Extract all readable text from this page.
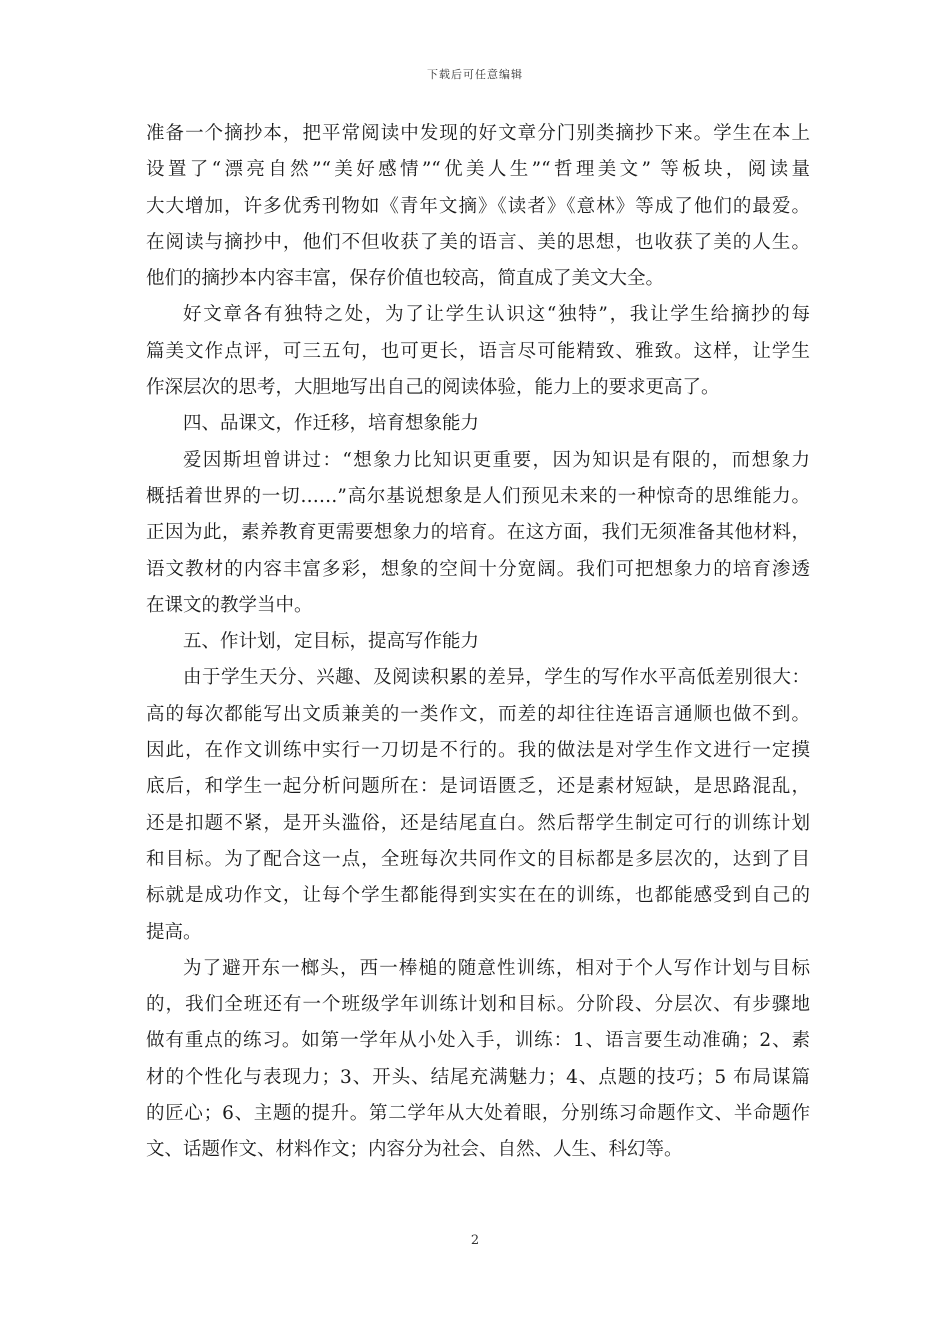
下载后可任意编辑
准备一个摘抄本，把平常阅读中发现的好文章分门别类摘抄下来。学生在本上
设置了“漂亮自然”“美好感情”“优美人生”“哲理美文” 等板块，阅读量
大大增加，许多优秀刊物如《青年文摘》《读者》《意林》等成了他们的最爱。
在阅读与摘抄中，他们不但收获了美的语言、美的思想，也收获了美的人生。
他们的摘抄本内容丰富，保存价值也较高，简直成了美文大全。
好文章各有独特之处，为了让学生认识这“独特”，我让学生给摘抄的每
篇美文作点评，可三五句，也可更长，语言尽可能精致、雅致。这样，让学生
作深层次的思考，大胆地写出自己的阅读体验，能力上的要求更高了。
四、品课文，作迁移，培育想象能力
爱因斯坦曾讲过：“想象力比知识更重要，因为知识是有限的，而想象力
概括着世界的一切……”高尔基说想象是人们预见未来的一种惊奇的思维能力。
正因为此，素养教育更需要想象力的培育。在这方面，我们无须准备其他材料，
语文教材的内容丰富多彩，想象的空间十分宽阔。我们可把想象力的培育渗透
在课文的教学当中。
五、作计划，定目标，提高写作能力
由于学生天分、兴趣、及阅读积累的差异，学生的写作水平高低差别很大：
高的每次都能写出文质兼美的一类作文，而差的却往往连语言通顺也做不到。
因此，在作文训练中实行一刀切是不行的。我的做法是对学生作文进行一定摸
底后，和学生一起分析问题所在：是词语匮乏，还是素材短缺，是思路混乱，
还是扣题不紧，是开头滥俗，还是结尾直白。然后帮学生制定可行的训练计划
和目标。为了配合这一点，全班每次共同作文的目标都是多层次的，达到了目
标就是成功作文，让每个学生都能得到实实在在的训练，也都能感受到自己的
提高。
为了避开东一榔头，西一棒槌的随意性训练，相对于个人写作计划与目标
的，我们全班还有一个班级学年训练计划和目标。分阶段、分层次、有步骤地
做有重点的练习。如第一学年从小处入手，训练：1、语言要生动准确；2、素
材的个性化与表现力；3、开头、结尾充满魅力；4、点题的技巧；5 布局谋篇
的匠心；6、主题的提升。第二学年从大处着眼，分别练习命题作文、半命题作
文、话题作文、材料作文；内容分为社会、自然、人生、科幻等。
2
